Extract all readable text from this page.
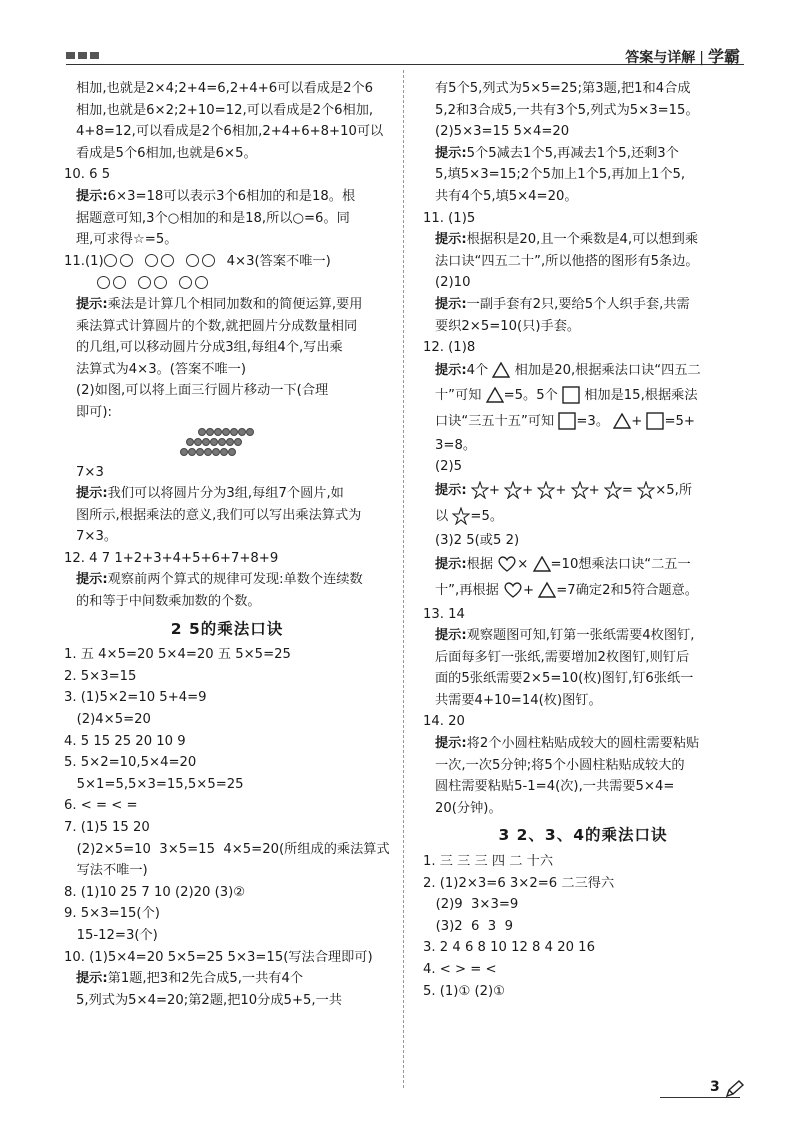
答案与详解 | 学霸
相加,也就是2×4;2+4=6,2+4+6可以看成是2个6
相加,也就是6×2;2+10=12,可以看成是2个6相加,
4+8=12,可以看成是2个6相加,2+4+6+8+10可以
看成是5个6相加,也就是6×5。
10. 6 5
提示:6×3=18可以表示3个6相加的和是18。根
据题意可知,3个○相加的和是18,所以○=6。同
理,可求得☆=5。
11.(1)	4×3(答案不唯一)
提示:乘法是计算几个相同加数和的简便运算,要用
乘法算式计算圆片的个数,就把圆片分成数量相同
的几组,可以移动圆片分成3组,每组4个,写出乘
法算式为4×3。(答案不唯一)
(2)如图,可以将上面三行圆片移动一下(合理
即可):
7×3
提示:我们可以将圆片分为3组,每组7个圆片,如
图所示,根据乘法的意义,我们可以写出乘法算式为
7×3。
12. 4 7 1+2+3+4+5+6+7+8+9
提示:观察前两个算式的规律可发现:单数个连续数
的和等于中间数乘加数的个数。
2 5的乘法口诀
1. 五 4×5=20 5×4=20 五 5×5=25
2. 5×3=15
3. (1)5×2=10 5+4=9
(2)4×5=20
4. 5 15 25 20 10 9
5. 5×2=10,5×4=20
5×1=5,5×3=15,5×5=25
6. < = < =
7. (1)5 15 20
(2)2×5=10  3×5=15  4×5=20(所组成的乘法算式
写法不唯一)
8. (1)10 25 7 10 (2)20 (3)②
9. 5×3=15(个)
15-12=3(个)
10. (1)5×4=20 5×5=25 5×3=15(写法合理即可)
提示:第1题,把3和2先合成5,一共有4个
5,列式为5×4=20;第2题,把10分成5+5,一共
有5个5,列式为5×5=25;第3题,把1和4合成
5,2和3合成5,一共有3个5,列式为5×3=15。
(2)5×3=15 5×4=20
提示:5个5减去1个5,再减去1个5,还剩3个
5,填5×3=15;2个5加上1个5,再加上1个5,
共有4个5,填5×4=20。
11. (1)5
提示:根据积是20,且一个乘数是4,可以想到乘
法口诀“四五二十”,所以他搭的图形有5条边。
(2)10
提示:一副手套有2只,要给5个人织手套,共需
要织2×5=10(只)手套。
12. (1)8
提示:4个 相加是20,根据乘法口诀“四五二
十”可知 =5。5个 相加是15,根据乘法
口诀“三五十五”可知 =3。 + =5+
3=8。
(2)5
提示: + + + + = ×5,所
以 =5。
(3)2 5(或5 2)
提示:根据 × =10想乘法口诀“二五一
十”,再根据 + =7确定2和5符合题意。
13. 14
提示:观察题图可知,钉第一张纸需要4枚图钉,
后面每多钉一张纸,需要增加2枚图钉,则钉后
面的5张纸需要2×5=10(枚)图钉,钉6张纸一
共需要4+10=14(枚)图钉。
14. 20
提示:将2个小圆柱粘贴成较大的圆柱需要粘贴
一次,一次5分钟;将5个小圆柱粘贴成较大的
圆柱需要粘贴5-1=4(次),一共需要5×4=
20(分钟)。
3 2、3、4的乘法口诀
1. 三 三 三 四 二 十六
2. (1)2×3=6 3×2=6 二三得六
(2)9  3×3=9
(3)2  6  3  9
3. 2 4 6 8 10 12 8 4 20 16
4. < > = <
5. (1)① (2)①
3
